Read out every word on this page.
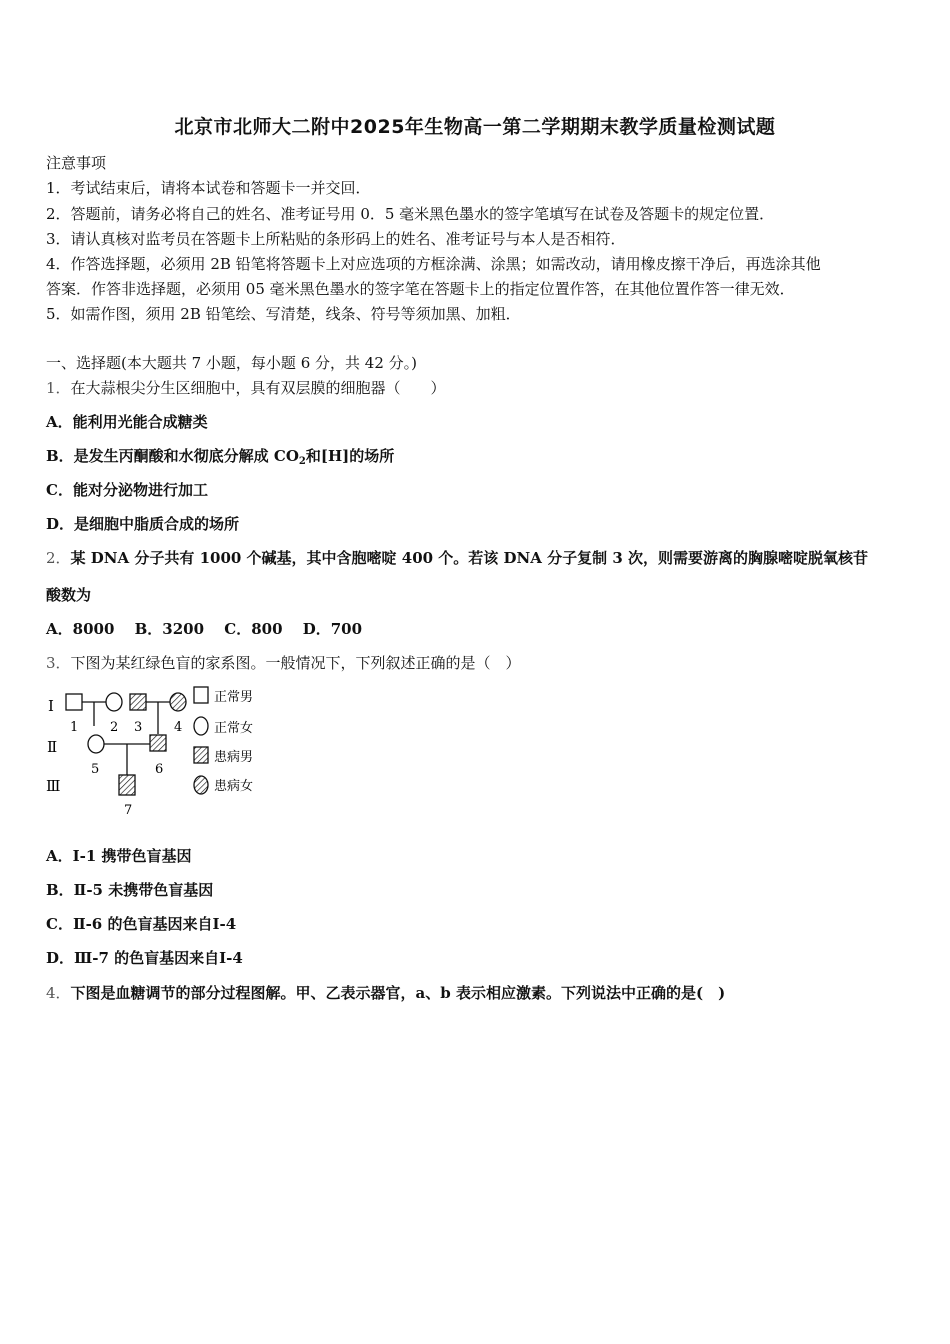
北京市北师大二附中2025年生物高一第二学期期末教学质量检测试题
注意事项
1．考试结束后，请将本试卷和答题卡一并交回．
2．答题前，请务必将自己的姓名、准考证号用 0．5 毫米黑色墨水的签字笔填写在试卷及答题卡的规定位置．
3．请认真核对监考员在答题卡上所粘贴的条形码上的姓名、准考证号与本人是否相符．
4．作答选择题，必须用 2B 铅笔将答题卡上对应选项的方框涂满、涂黑；如需改动，请用橡皮擦干净后，再选涂其他
答案．作答非选择题，必须用 05 毫米黑色墨水的签字笔在答题卡上的指定位置作答，在其他位置作答一律无效．
5．如需作图，须用 2B 铅笔绘、写清楚，线条、符号等须加黑、加粗．
一、选择题(本大题共 7 小题，每小题 6 分，共 42 分。)
1．在大蒜根尖分生区细胞中，具有双层膜的细胞器（　　）
A．能利用光能合成糖类
B．是发生丙酮酸和水彻底分解成 $CO_2$和[H]的场所
C．能对分泌物进行加工
D．是细胞中脂质合成的场所
2．某 DNA 分子共有 1000 个碱基，其中含胞嘧啶 400 个。若该 DNA 分子复制 3 次，则需要游离的胸腺嘧啶脱氧核苷
酸数为
A．8000　 B．3200　 C．800　 D．700
3．下图为某红绿色盲的家系图。一般情况下，下列叙述正确的是（　）
Ⅰ
Ⅱ
Ⅲ
1 2 3 4
5	6
7
正常男
正常女
患病男
患病女
A．Ⅰ-1 携带色盲基因
B．Ⅱ-5 未携带色盲基因
C．Ⅱ-6 的色盲基因来自Ⅰ-4
D．Ⅲ-7 的色盲基因来自Ⅰ-4
4．下图是血糖调节的部分过程图解。甲、乙表示器官，a、b 表示相应激素。下列说法中正确的是(　)
